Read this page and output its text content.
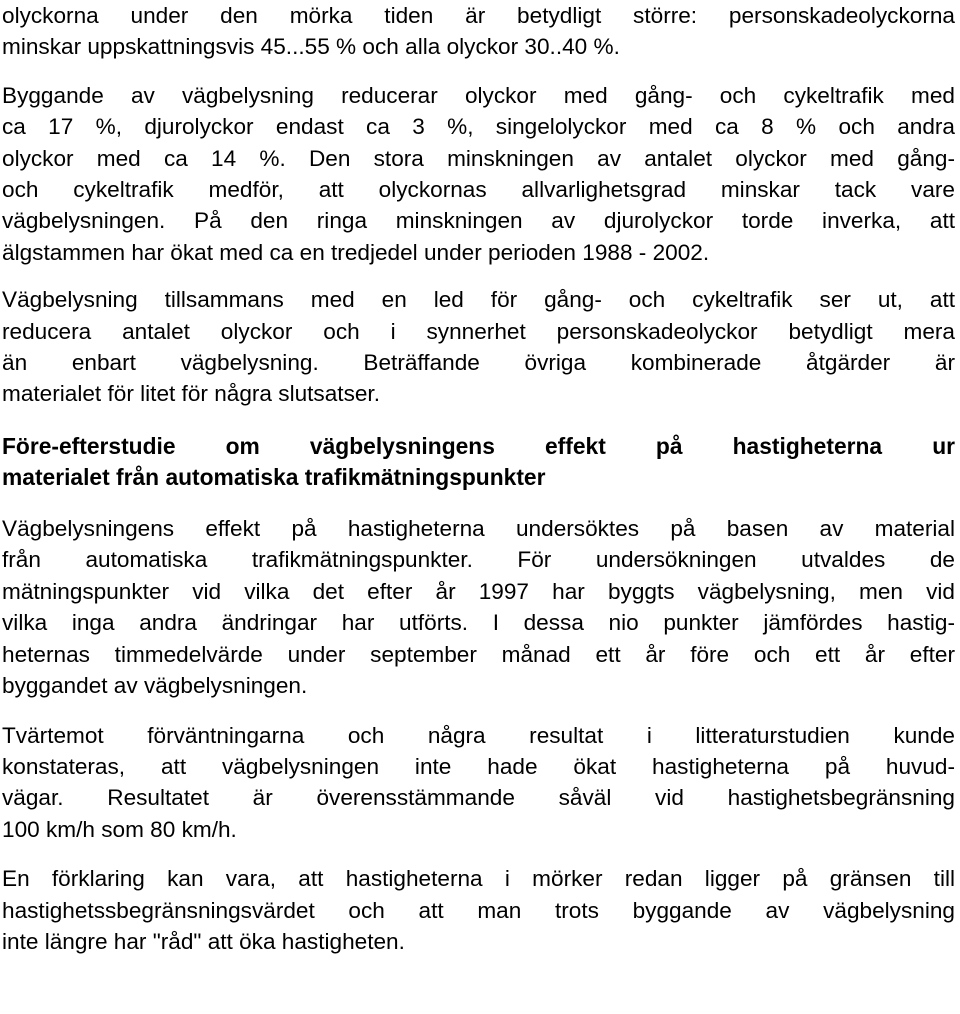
olyckorna under den mörka tiden är betydligt större: personskadeolyckorna
minskar uppskattningsvis 45...55 % och alla olyckor 30..40 %.

Byggande av vägbelysning reducerar olyckor med gång- och cykeltrafik med
ca 17 %, djurolyckor endast ca 3 %, singelolyckor med ca 8 % och andra
olyckor med ca 14 %. Den stora minskningen av antalet olyckor med gång-
och cykeltrafik medför, att olyckornas allvarlighetsgrad minskar tack vare
vägbelysningen. På den ringa minskningen av djurolyckor torde inverka, att
älgstammen har ökat med ca en tredjedel under perioden 1988 - 2002.

Vägbelysning tillsammans med en led för gång- och cykeltrafik ser ut, att
reducera antalet olyckor och i synnerhet personskadeolyckor betydligt mera
än enbart vägbelysning. Beträffande övriga kombinerade åtgärder är
materialet för litet för några slutsatser.

Före-efterstudie om vägbelysningens effekt på hastigheterna ur
materialet från automatiska trafikmätningspunkter

Vägbelysningens effekt på hastigheterna undersöktes på basen av material
från automatiska trafikmätningspunkter. För undersökningen utvaldes de
mätningspunkter vid vilka det efter år 1997 har byggts vägbelysning, men vid
vilka inga andra ändringar har utförts. I dessa nio punkter jämfördes hastig-
heternas timmedelvärde under september månad ett år före och ett år efter
byggandet av vägbelysningen.

Tvärtemot förväntningarna och några resultat i litteraturstudien kunde
konstateras, att vägbelysningen inte hade ökat hastigheterna på huvud-
vägar. Resultatet är överensstämmande såväl vid hastighetsbegränsning
100 km/h som 80 km/h.

En förklaring kan vara, att hastigheterna i mörker redan ligger på gränsen till
hastighetssbegränsningsvärdet och att man trots byggande av vägbelysning
inte längre har "råd" att öka hastigheten.
